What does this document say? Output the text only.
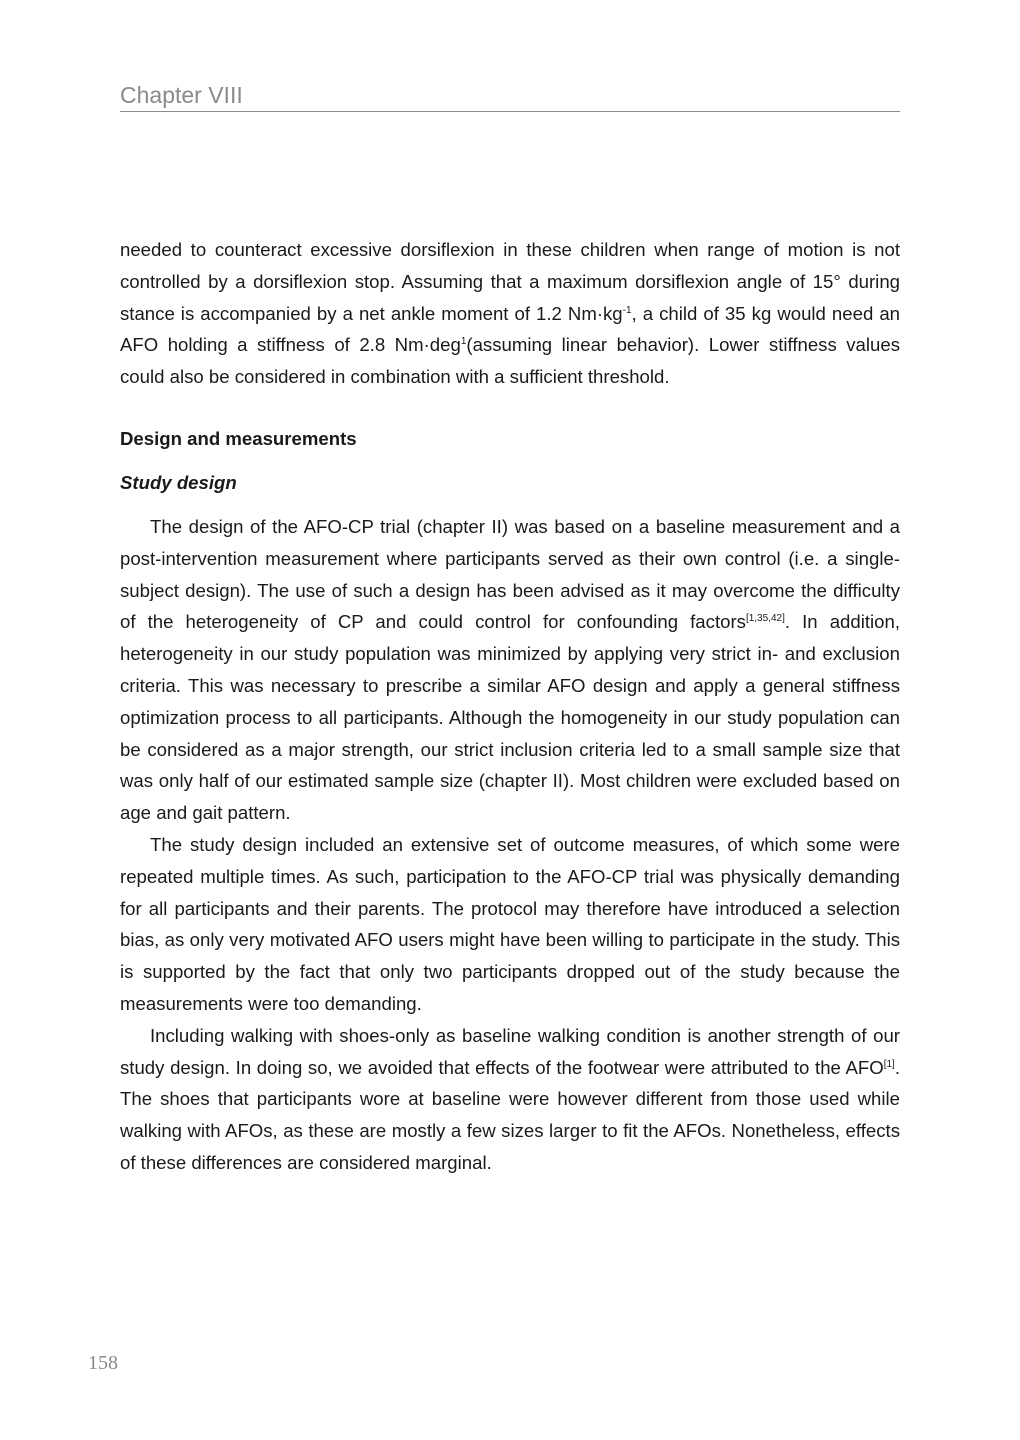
Chapter VIII

needed to counteract excessive dorsiflexion in these children when range of motion is not controlled by a dorsiflexion stop. Assuming that a maximum dorsiflexion angle of 15° during stance is accompanied by a net ankle moment of 1.2 $Nm\cdot kg^{-1}$, a child of 35 kg would need an AFO holding a stiffness of 2.8 Nm·deg$^1$(assuming linear behavior). Lower stiffness values could also be considered in combination with a sufficient threshold.

Design and measurements
Study design

The design of the AFO-CP trial (chapter II) was based on a baseline measurement and a post-intervention measurement where participants served as their own control (i.e. a single-subject design). The use of such a design has been advised as it may overcome the difficulty of the heterogeneity of CP and could control for confounding factors[1,35,42]. In addition, heterogeneity in our study population was minimized by applying very strict in- and exclusion criteria. This was necessary to prescribe a similar AFO design and apply a general stiffness optimization process to all participants. Although the homogeneity in our study population can be considered as a major strength, our strict inclusion criteria led to a small sample size that was only half of our estimated sample size (chapter II). Most children were excluded based on age and gait pattern.

The study design included an extensive set of outcome measures, of which some were repeated multiple times. As such, participation to the AFO-CP trial was physically demanding for all participants and their parents. The protocol may therefore have introduced a selection bias, as only very motivated AFO users might have been willing to participate in the study. This is supported by the fact that only two participants dropped out of the study because the measurements were too demanding.

Including walking with shoes-only as baseline walking condition is another strength of our study design. In doing so, we avoided that effects of the footwear were attributed to the AFO[1]. The shoes that participants wore at baseline were however different from those used while walking with AFOs, as these are mostly a few sizes larger to fit the AFOs. Nonetheless, effects of these differences are considered marginal.

158
